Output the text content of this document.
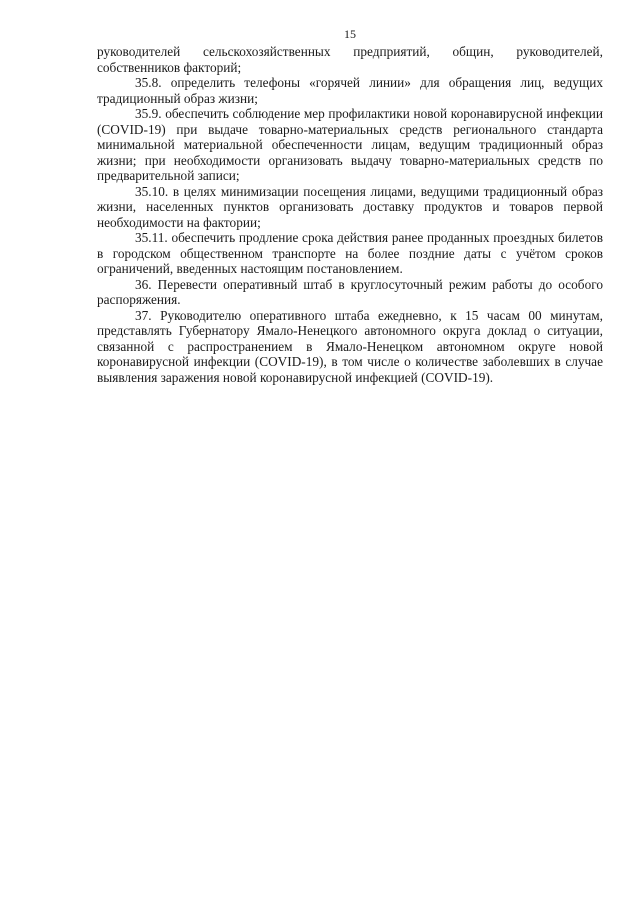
15

руководителей сельскохозяйственных предприятий, общин, руководителей, собственников факторий;

35.8. определить телефоны «горячей линии» для обращения лиц, ведущих традиционный образ жизни;

35.9. обеспечить соблюдение мер профилактики новой коронавирусной инфекции (COVID-19) при выдаче товарно-материальных средств регионального стандарта минимальной материальной обеспеченности лицам, ведущим традиционный образ жизни; при необходимости организовать выдачу товарно-материальных средств по предварительной записи;

35.10. в целях минимизации посещения лицами, ведущими традиционный образ жизни, населенных пунктов организовать доставку продуктов и товаров первой необходимости на фактории;

35.11. обеспечить продление срока действия ранее проданных проездных билетов в городском общественном транспорте на более поздние даты с учётом сроков ограничений, введенных настоящим постановлением.

36. Перевести оперативный штаб в круглосуточный режим работы до особого распоряжения.

37. Руководителю оперативного штаба ежедневно, к 15 часам 00 минутам, представлять Губернатору Ямало-Ненецкого автономного округа доклад о ситуации, связанной с распространением в Ямало-Ненецком автономном округе новой коронавирусной инфекции (COVID-19), в том числе о количестве заболевших в случае выявления заражения новой коронавирусной инфекцией (COVID-19).
